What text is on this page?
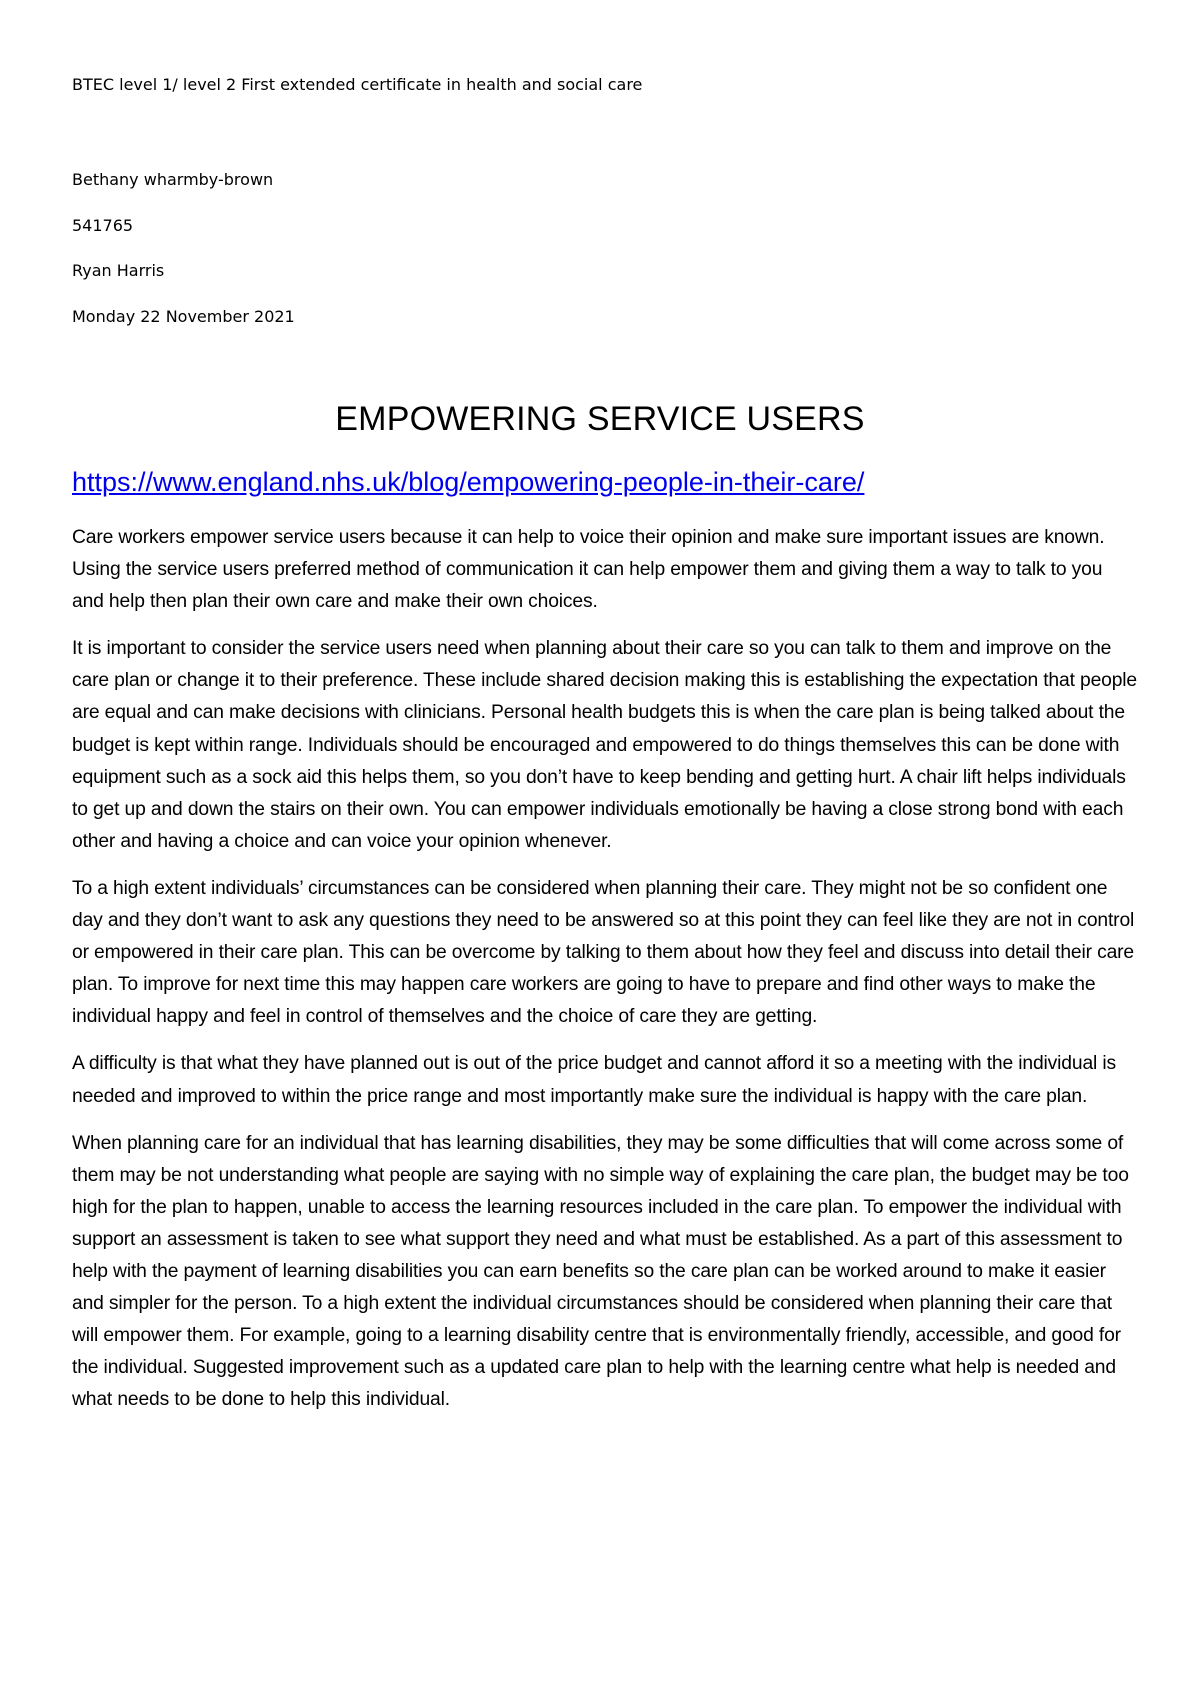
BTEC level 1/ level 2 First extended certificate in health and social care

Bethany wharmby-brown

541765

Ryan Harris

Monday 22 November 2021

EMPOWERING SERVICE USERS
https://www.england.nhs.uk/blog/empowering-people-in-their-care/

Care workers empower service users because it can help to voice their opinion and make sure important issues are known. Using the service users preferred method of communication it can help empower them and giving them a way to talk to you and help then plan their own care and make their own choices.

It is important to consider the service users need when planning about their care so you can talk to them and improve on the care plan or change it to their preference. These include shared decision making this is establishing the expectation that people are equal and can make decisions with clinicians. Personal health budgets this is when the care plan is being talked about the budget is kept within range. Individuals should be encouraged and empowered to do things themselves this can be done with equipment such as a sock aid this helps them, so you don’t have to keep bending and getting hurt. A chair lift helps individuals to get up and down the stairs on their own. You can empower individuals emotionally be having a close strong bond with each other and having a choice and can voice your opinion whenever.

To a high extent individuals’ circumstances can be considered when planning their care. They might not be so confident one day and they don’t want to ask any questions they need to be answered so at this point they can feel like they are not in control or empowered in their care plan. This can be overcome by talking to them about how they feel and discuss into detail their care plan. To improve for next time this may happen care workers are going to have to prepare and find other ways to make the individual happy and feel in control of themselves and the choice of care they are getting.

A difficulty is that what they have planned out is out of the price budget and cannot afford it so a meeting with the individual is needed and improved to within the price range and most importantly make sure the individual is happy with the care plan.

When planning care for an individual that has learning disabilities, they may be some difficulties that will come across some of them may be not understanding what people are saying with no simple way of explaining the care plan, the budget may be too high for the plan to happen, unable to access the learning resources included in the care plan. To empower the individual with support an assessment is taken to see what support they need and what must be established. As a part of this assessment to help with the payment of learning disabilities you can earn benefits so the care plan can be worked around to make it easier and simpler for the person. To a high extent the individual circumstances should be considered when planning their care that will empower them. For example, going to a learning disability centre that is environmentally friendly, accessible, and good for the individual. Suggested improvement such as a updated care plan to help with the learning centre what help is needed and what needs to be done to help this individual.
